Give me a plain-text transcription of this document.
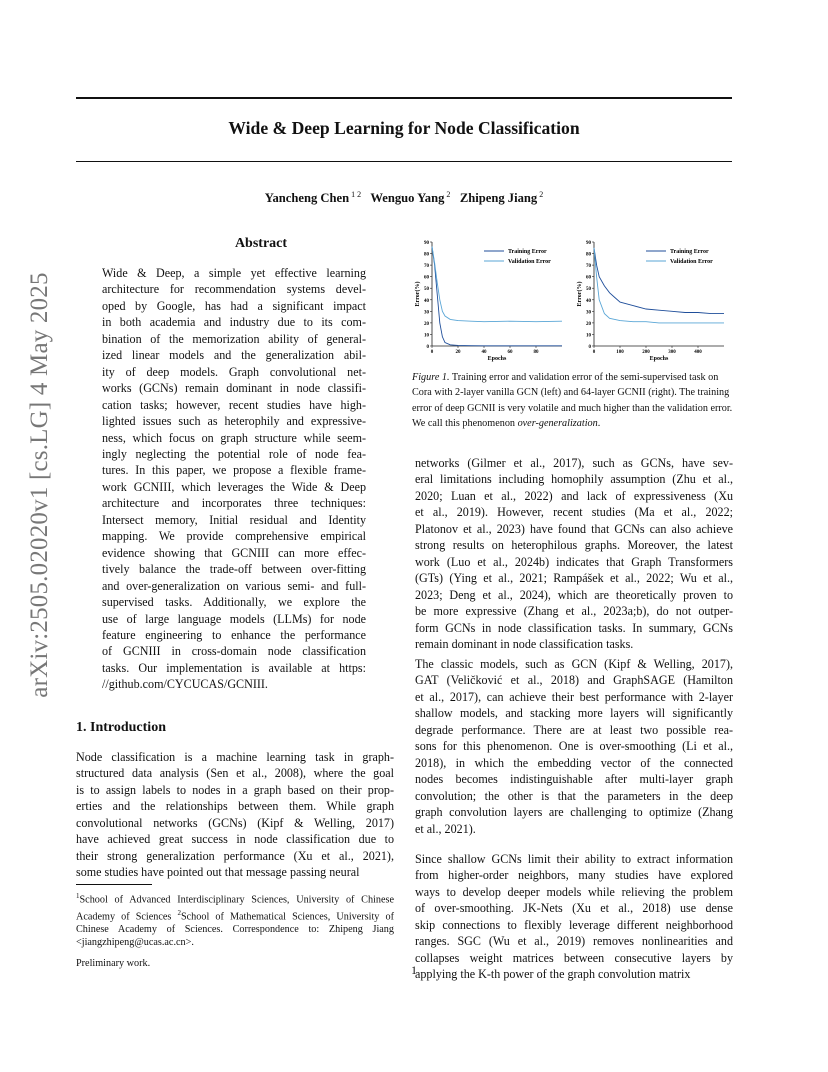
arXiv:2505.02020v1 [cs.LG] 4 May 2025
Wide & Deep Learning for Node Classification
Yancheng Chen $^{1 2}$ Wenguo Yang $^2$ Zhipeng Jiang $^2$
Abstract
Wide & Deep, a simple yet effective learning
architecture for recommendation systems devel-
oped by Google, has had a significant impact
in both academia and industry due to its com-
bination of the memorization ability of general-
ized linear models and the generalization abil-
ity of deep models. Graph convolutional net-
works (GCNs) remain dominant in node classifi-
cation tasks; however, recent studies have high-
lighted issues such as heterophily and expressive-
ness, which focus on graph structure while seem-
ingly neglecting the potential role of node fea-
tures. In this paper, we propose a flexible frame-
work GCNIII, which leverages the Wide & Deep
architecture and incorporates three techniques:
Intersect memory, Initial residual and Identity
mapping. We provide comprehensive empirical
evidence showing that GCNIII can more effec-
tively balance the trade-off between over-fitting
and over-generalization on various semi- and full-
supervised tasks. Additionally, we explore the
use of large language models (LLMs) for node
feature engineering to enhance the performance
of GCNIII in cross-domain node classification
tasks. Our implementation is available at https:
//github.com/CYCUCAS/GCNIII.
1. Introduction
Node classification is a machine learning task in graph-
structured data analysis (Sen et al., 2008), where the goal
is to assign labels to nodes in a graph based on their prop-
erties and the relationships between them. While graph
convolutional networks (GCNs) (Kipf & Welling, 2017)
have achieved great success in node classification due to
their strong generalization performance (Xu et al., 2021),
some studies have pointed out that message passing neural

$^1$School of Advanced Interdisciplinary Sciences, University of Chinese Academy of Sciences $^2$School of Mathematical Sciences, University of Chinese Academy of Sciences. Correspondence to: Zhipeng Jiang <jiangzhipeng@ucas.ac.cn>.

Preliminary work.

0
10
20
30
40
50
60
70
80
90
0	20	40	60	80
Epochs
Error(%)
Training Error
Validation Error
0
10
20
30
40
50
60
70
80
90
0	100	200	300	400
Epochs
Error(%)
Training Error
Validation Error

Figure 1. Training error and validation error of the semi-supervised task on Cora with 2-layer vanilla GCN (left) and 64-layer GCNII (right). The training error of deep GCNII is very volatile and much higher than the validation error. We call this phenomenon over-generalization.

networks (Gilmer et al., 2017), such as GCNs, have sev-
eral limitations including homophily assumption (Zhu et al.,
2020; Luan et al., 2022) and lack of expressiveness (Xu
et al., 2019). However, recent studies (Ma et al., 2022;
Platonov et al., 2023) have found that GCNs can also achieve
strong results on heterophilous graphs. Moreover, the latest
work (Luo et al., 2024b) indicates that Graph Transformers
(GTs) (Ying et al., 2021; Rampášek et al., 2022; Wu et al.,
2023; Deng et al., 2024), which are theoretically proven to
be more expressive (Zhang et al., 2023a;b), do not outper-
form GCNs in node classification tasks. In summary, GCNs
remain dominant in node classification tasks.
The classic models, such as GCN (Kipf & Welling, 2017),
GAT (Veličković et al., 2018) and GraphSAGE (Hamilton
et al., 2017), can achieve their best performance with 2-layer
shallow models, and stacking more layers will significantly
degrade performance. There are at least two possible rea-
sons for this phenomenon. One is over-smoothing (Li et al.,
2018), in which the embedding vector of the connected
nodes becomes indistinguishable after multi-layer graph
convolution; the other is that the parameters in the deep
graph convolution layers are challenging to optimize (Zhang
et al., 2021).
Since shallow GCNs limit their ability to extract information
from higher-order neighbors, many studies have explored
ways to develop deeper models while relieving the problem
of over-smoothing. JK-Nets (Xu et al., 2018) use dense
skip connections to flexibly leverage different neighborhood
ranges. SGC (Wu et al., 2019) removes nonlinearities and
collapses weight matrices between consecutive layers by
applying the K-th power of the graph convolution matrix
1
